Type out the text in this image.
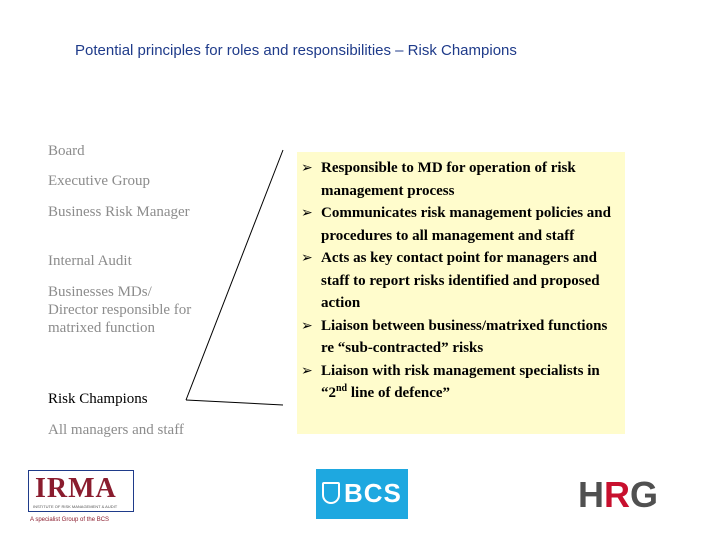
Potential principles for roles and responsibilities – Risk Champions
Board
Executive Group
Business Risk Manager
Internal Audit
Businesses MDs/ Director responsible for matrixed function
Risk Champions
All managers and staff
➢ Responsible to MD for operation of risk management process
➢ Communicates risk management policies and procedures to all management and staff
➢ Acts as key contact point for managers and staff to report risks identified and proposed action
➢ Liaison between business/matrixed functions re “sub-contracted” risks
➢ Liaison with risk management specialists in “2nd line of defence”
IRMA
INSTITUTE OF RISK MANAGEMENT & AUDIT
A specialist Group of the BCS
BCS	H R G
